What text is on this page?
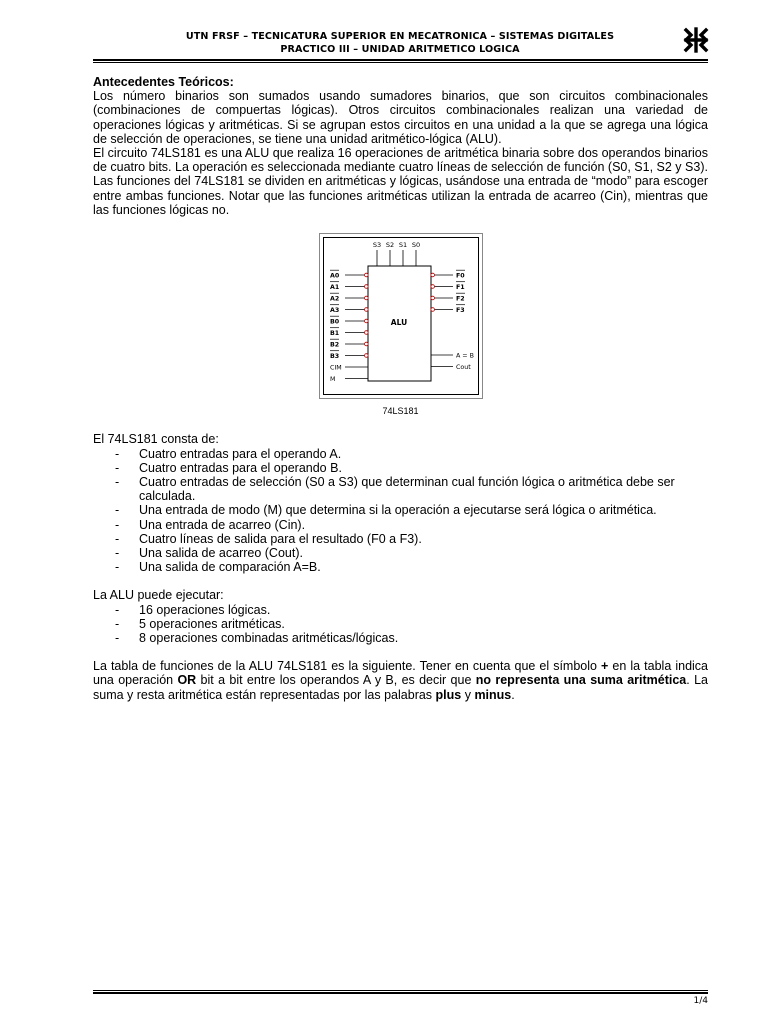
UTN FRSF – TECNICATURA SUPERIOR EN MECATRONICA – SISTEMAS DIGITALES
PRACTICO III – UNIDAD ARITMETICO LOGICA

Antecedentes Teóricos:

Los número binarios son sumados usando sumadores binarios, que son circuitos combinacionales (combinaciones de compuertas lógicas). Otros circuitos combinacionales realizan una variedad de operaciones lógicas y aritméticas. Si se agrupan estos circuitos en una unidad a la que se agrega una lógica de selección de operaciones, se tiene una unidad aritmético-lógica (ALU).

El circuito 74LS181 es una ALU que realiza 16 operaciones de aritmética binaria sobre dos operandos binarios de cuatro bits. La operación es seleccionada mediante cuatro líneas de selección de función (S0, S1, S2 y S3).

Las funciones del 74LS181 se dividen en aritméticas y lógicas, usándose una entrada de “modo” para escoger entre ambas funciones. Notar que las funciones aritméticas utilizan la entrada de acarreo (Cin), mientras que las funciones lógicas no.

ALU
S3 S2 S1 S0
A0
A1
A2
A3
B0
B1
B2
B3
CIM
M
F0
F1
F2
F3
A = B
Cout
74LS181

El 74LS181 consta de:

- Cuatro entradas para el operando A.
- Cuatro entradas para el operando B.
- Cuatro entradas de selección (S0 a S3) que determinan cual función lógica o aritmética debe ser calculada.
- Una entrada de modo (M) que determina si la operación a ejecutarse será lógica o aritmética.
- Una entrada de acarreo (Cin).
- Cuatro líneas de salida para el resultado (F0 a F3).
- Una salida de acarreo (Cout).
- Una salida de comparación A=B.

La ALU puede ejecutar:

- 16 operaciones lógicas.
- 5 operaciones aritméticas.
- 8 operaciones combinadas aritméticas/lógicas.

La tabla de funciones de la ALU 74LS181 es la siguiente. Tener en cuenta que el símbolo + en la tabla indica una operación OR bit a bit entre los operandos A y B, es decir que no representa una suma aritmética. La suma y resta aritmética están representadas por las palabras plus y minus.

1/4
